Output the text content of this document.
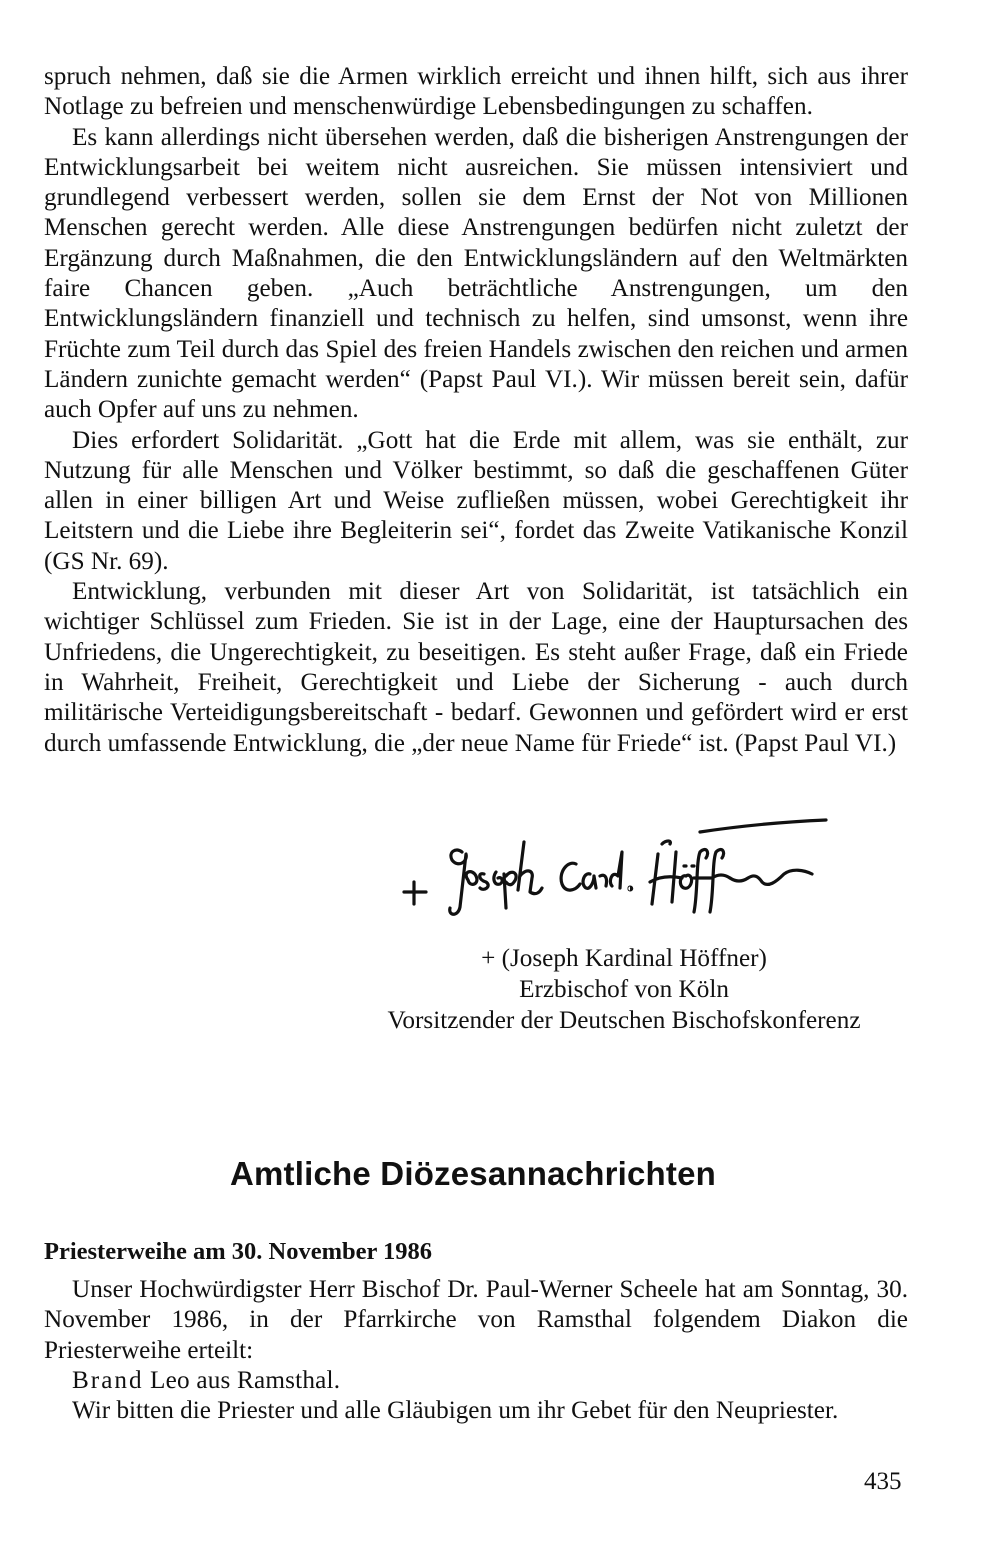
spruch nehmen, daß sie die Armen wirklich erreicht und ihnen hilft, sich aus ihrer Notlage zu befreien und menschenwürdige Lebensbedingungen zu schaffen.

Es kann allerdings nicht übersehen werden, daß die bisherigen Anstrengungen der Entwicklungsarbeit bei weitem nicht ausreichen. Sie müssen intensiviert und grundlegend verbessert werden, sollen sie dem Ernst der Not von Millionen Menschen gerecht werden. Alle diese Anstrengungen bedürfen nicht zuletzt der Ergänzung durch Maßnahmen, die den Entwicklungsländern auf den Weltmärkten faire Chancen geben. „Auch beträchtliche Anstrengungen, um den Entwicklungsländern finanziell und technisch zu helfen, sind umsonst, wenn ihre Früchte zum Teil durch das Spiel des freien Handels zwischen den reichen und armen Ländern zunichte gemacht werden“ (Papst Paul VI.). Wir müssen bereit sein, dafür auch Opfer auf uns zu nehmen.

Dies erfordert Solidarität. „Gott hat die Erde mit allem, was sie enthält, zur Nutzung für alle Menschen und Völker bestimmt, so daß die geschaffenen Güter allen in einer billigen Art und Weise zufließen müssen, wobei Gerechtigkeit ihr Leitstern und die Liebe ihre Begleiterin sei“, fordet das Zweite Vatikanische Konzil (GS Nr. 69).

Entwicklung, verbunden mit dieser Art von Solidarität, ist tatsächlich ein wichtiger Schlüssel zum Frieden. Sie ist in der Lage, eine der Hauptursachen des Unfriedens, die Ungerechtigkeit, zu beseitigen. Es steht außer Frage, daß ein Friede in Wahrheit, Freiheit, Gerechtigkeit und Liebe der Sicherung - auch durch militärische Verteidigungsbereitschaft - bedarf. Gewonnen und gefördert wird er erst durch umfassende Entwicklung, die „der neue Name für Friede“ ist. (Papst Paul VI.)

+ (Joseph Kardinal Höffner)
Erzbischof von Köln
Vorsitzender der Deutschen Bischofskonferenz
Amtliche Diözesannachrichten
Priesterweihe am 30. November 1986

Unser Hochwürdigster Herr Bischof Dr. Paul-Werner Scheele hat am Sonntag, 30. November 1986, in der Pfarrkirche von Ramsthal folgendem Diakon die Priesterweihe erteilt:

Brand Leo aus Ramsthal.

Wir bitten die Priester und alle Gläubigen um ihr Gebet für den Neupriester.

435
